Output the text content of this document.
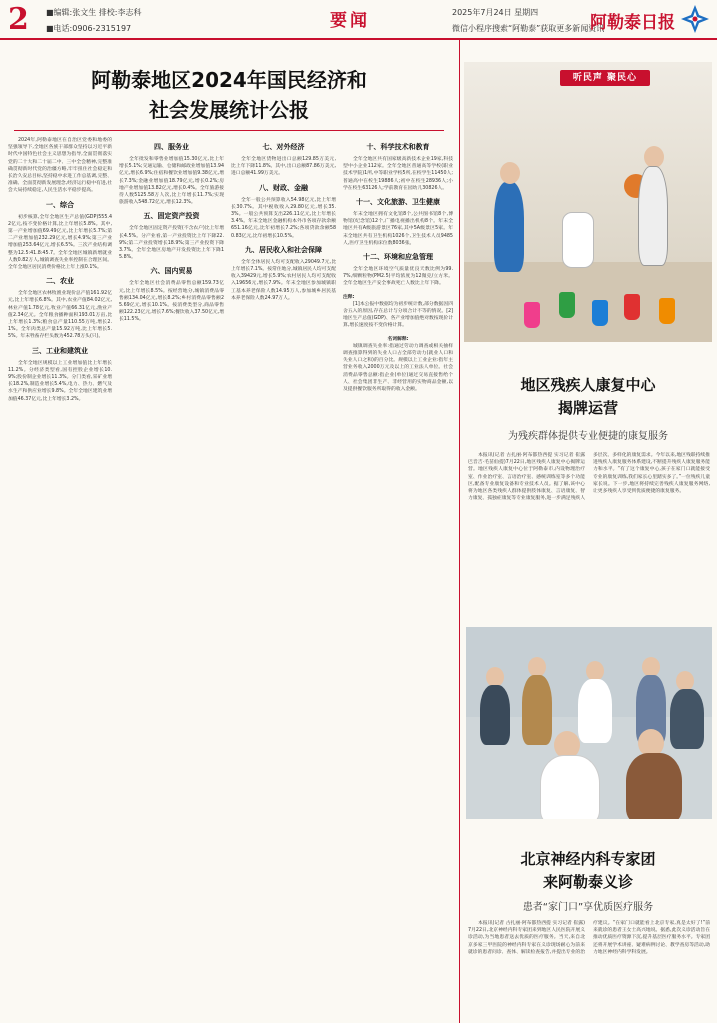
2 ■编辑:张文生 排校:李志科
■电话:0906-2315197	要闻	2025年7月24日 星期四
微信小程序搜索“阿勒泰”获取更多新闻资讯
阿勒泰日报
阿勒泰地区2024年国民经济和
社会发展统计公报

2024年,阿勒泰地区在自治区党委和地委的坚强领导下,全地区各族干部群众坚持以习近平新时代中国特色社会主义思想为指导,全面贯彻落实党的二十大和二十届二中、三中全会精神,完整准确贯彻新时代党的治疆方略,牢牢扭住社会稳定和长治久安总目标,坚持稳中求进工作总基调,完整、准确、全面贯彻新发展理念,经济运行稳中有进,社会大局持续稳定,人民生活水平稳步提高。

一、综合

初步核算,全年全地区生产总值(GDP)555.42亿元,按不变价格计算,比上年增长5.8%。其中,第一产业增加值69.49亿元,比上年增长5.7%;第二产业增加值232.29亿元,增长4.9%;第三产业增加值253.64亿元,增长6.5%。三次产业结构调整为12.5:41.8:45.7。全年全地区城镇新增就业人数0.82万人,城镇调查失业率控制在合理区间。全年全地区居民消费价格比上年上涨0.1%。

二、农业

全年全地区农林牧渔业现价总产值161.92亿元,比上年增长6.8%。其中,农业产值84.02亿元,林业产值1.78亿元,牧业产值66.31亿元,渔业产值2.34亿元。全年粮食播种面积193.01万亩,比上年增长1.3%;粮食总产量110.55万吨,增长2.1%。全年肉类总产量15.92万吨,比上年增长5.5%。年末牲畜存栏头数为452.78万头(只)。

三、工业和建筑业

全年全地区规模以上工业增加值比上年增长11.2%。分经济类型看,国有控股企业增长10.9%;股份制企业增长11.3%。分门类看,采矿业增长18.2%,制造业增长5.4%,电力、热力、燃气及水生产和供应业增长9.8%。全年全地区建筑业增加值46.37亿元,比上年增长3.2%。

四、服务业

全年批发和零售业增加值15.30亿元,比上年增长5.1%;交通运输、仓储和邮政业增加值13.94亿元,增长6.9%;住宿和餐饮业增加值9.38亿元,增长7.3%;金融业增加值18.79亿元,增长0.2%;房地产业增加值13.82亿元,增长0.4%。全年旅游接待人数5125.58万人次,比上年增长11.7%;实现旅游收入548.72亿元,增长12.3%。

五、固定资产投资

全年全地区固定资产投资(不含农户)比上年增长4.5%。分产业看,第一产业投资比上年下降22.9%;第二产业投资增长18.9%;第三产业投资下降3.7%。全年全地区房地产开发投资比上年下降15.8%。

六、国内贸易

全年全地区社会消费品零售总额159.73亿元,比上年增长8.5%。按经营地分,城镇消费品零售额134.04亿元,增长8.2%;乡村消费品零售额25.69亿元,增长10.1%。按消费类型分,商品零售额122.23亿元,增长7.6%;餐饮收入37.50亿元,增长11.5%。

七、对外经济

全年全地区货物进出口总额129.85万美元,比上年下降11.8%。其中,出口总额87.86万美元,进口总额41.99万美元。

八、财政、金融

全年一般公共预算收入54.98亿元,比上年增长30.7%。其中税收收入29.80亿元,增长35.3%。一般公共预算支出226.11亿元,比上年增长3.4%。年末全地区金融机构本外币各项存款余额651.16亿元,比年初增长7.2%;各项贷款余额580.83亿元,比年初增长10.5%。

九、居民收入和社会保障

全年全体居民人均可支配收入29049.7元,比上年增长7.1%。按常住地分,城镇居民人均可支配收入39429元,增长5.9%;农村居民人均可支配收入19656元,增长7.9%。年末全地区参加城镇职工基本养老保险人数14.95万人,参加城乡居民基本养老保险人数24.97万人。

十、科学技术和教育

全年全地区共有国家级高新技术企业19家,科技型中小企业112家。全年全地区普通高等学校(职业技术学院)1所,中等职业学校5所,在校学生11450人;普通高中在校生19886人;初中在校生28936人;小学在校生63126人;学前教育在园幼儿30826人。

十一、文化旅游、卫生健康

年末全地区拥有文化馆8个,公共图书馆8个,博物馆(纪念馆)12个,广播电视播出机构8个。年末全地区共有A级旅游景区76家,其中5A级景区5家。年末全地区共有卫生机构1026个,卫生技术人员9485人,医疗卫生机构床位数8036张。

十二、环境和应急管理

全年全地区环境空气质量优良天数比例为99.7%,细颗粒物(PM2.5)平均浓度为12微克/立方米。全年全地区生产安全事故死亡人数比上年下降。

注释:

[1]本公报中数据均为初步统计数,部分数据因四舍五入的原因,存在总计与分项合计不等的情况。[2]地区生产总值(GDP)、各产业增加值绝对数按现价计算,增长速度按不变价格计算。

名词解释:

城镇调查失业率:指通过劳动力调查或相关抽样调查推算得到的失业人口占全部劳动力(就业人口和失业人口之和)的百分比。规模以上工业企业:指年主营业务收入2000万元及以上的工业法人单位。社会消费品零售总额:指企业(单位)通过交易直接售给个人、社会集团非生产、非经营用的实物商品金额,以及提供餐饮服务所取得的收入金额。

听民声 聚民心
地区残疾人康复中心
揭牌运营
为残疾群体提供专业便捷的康复服务

本报讯(记者 古扎丽·阿布都热西提 实习记者 崔露 巴音吉·毛苗仙提)7月22日,地区残疾人康复中心揭牌运营。地区残疾人康复中心位于阿勒泰市,内设物理治疗室、作业治疗室、言语治疗室、感统训练室等多个功能区,配备专业康复设备和专业技术人员。据了解,该中心将为地区各类残疾人群体提供肢体康复、言语康复、智力康复、孤独症康复等专业康复服务,进一步满足残疾人多层次、多样化的康复需求。今年以来,地区残联持续推进残疾人康复服务体系建设,不断提升残疾人康复服务能力和水平。“有了这个康复中心,孩子在家门口就能接受专业的康复训练,我们家长心里踏实多了。”一位残疾儿童家长说。下一步,地区将持续完善残疾人康复服务网络,让更多残疾人享受到优质便捷的康复服务。

北京神经内科专家团
来阿勒泰义诊
患者“家门口”享优质医疗服务

本报讯(记者 古扎丽·阿布都热西提 实习记者 崔露)7月22日,北京神经内科专家团来到地区人民医院开展义诊活动,为当地患者送去优质的医疗服务。当天,来自北京多家三甲医院的神经内科专家在义诊现场耐心为前来就诊的患者问诊、查体、解读检查报告,并提出专业的治疗建议。“在家门口就能看上北京专家,真是太好了!”前来就诊的患者王女士高兴地说。据悉,此次义诊活动旨在推动优质医疗资源下沉,提升基层医疗服务水平。专家团还将开展学术讲座、疑难病例讨论、教学查房等活动,助力地区神经内科学科发展。
